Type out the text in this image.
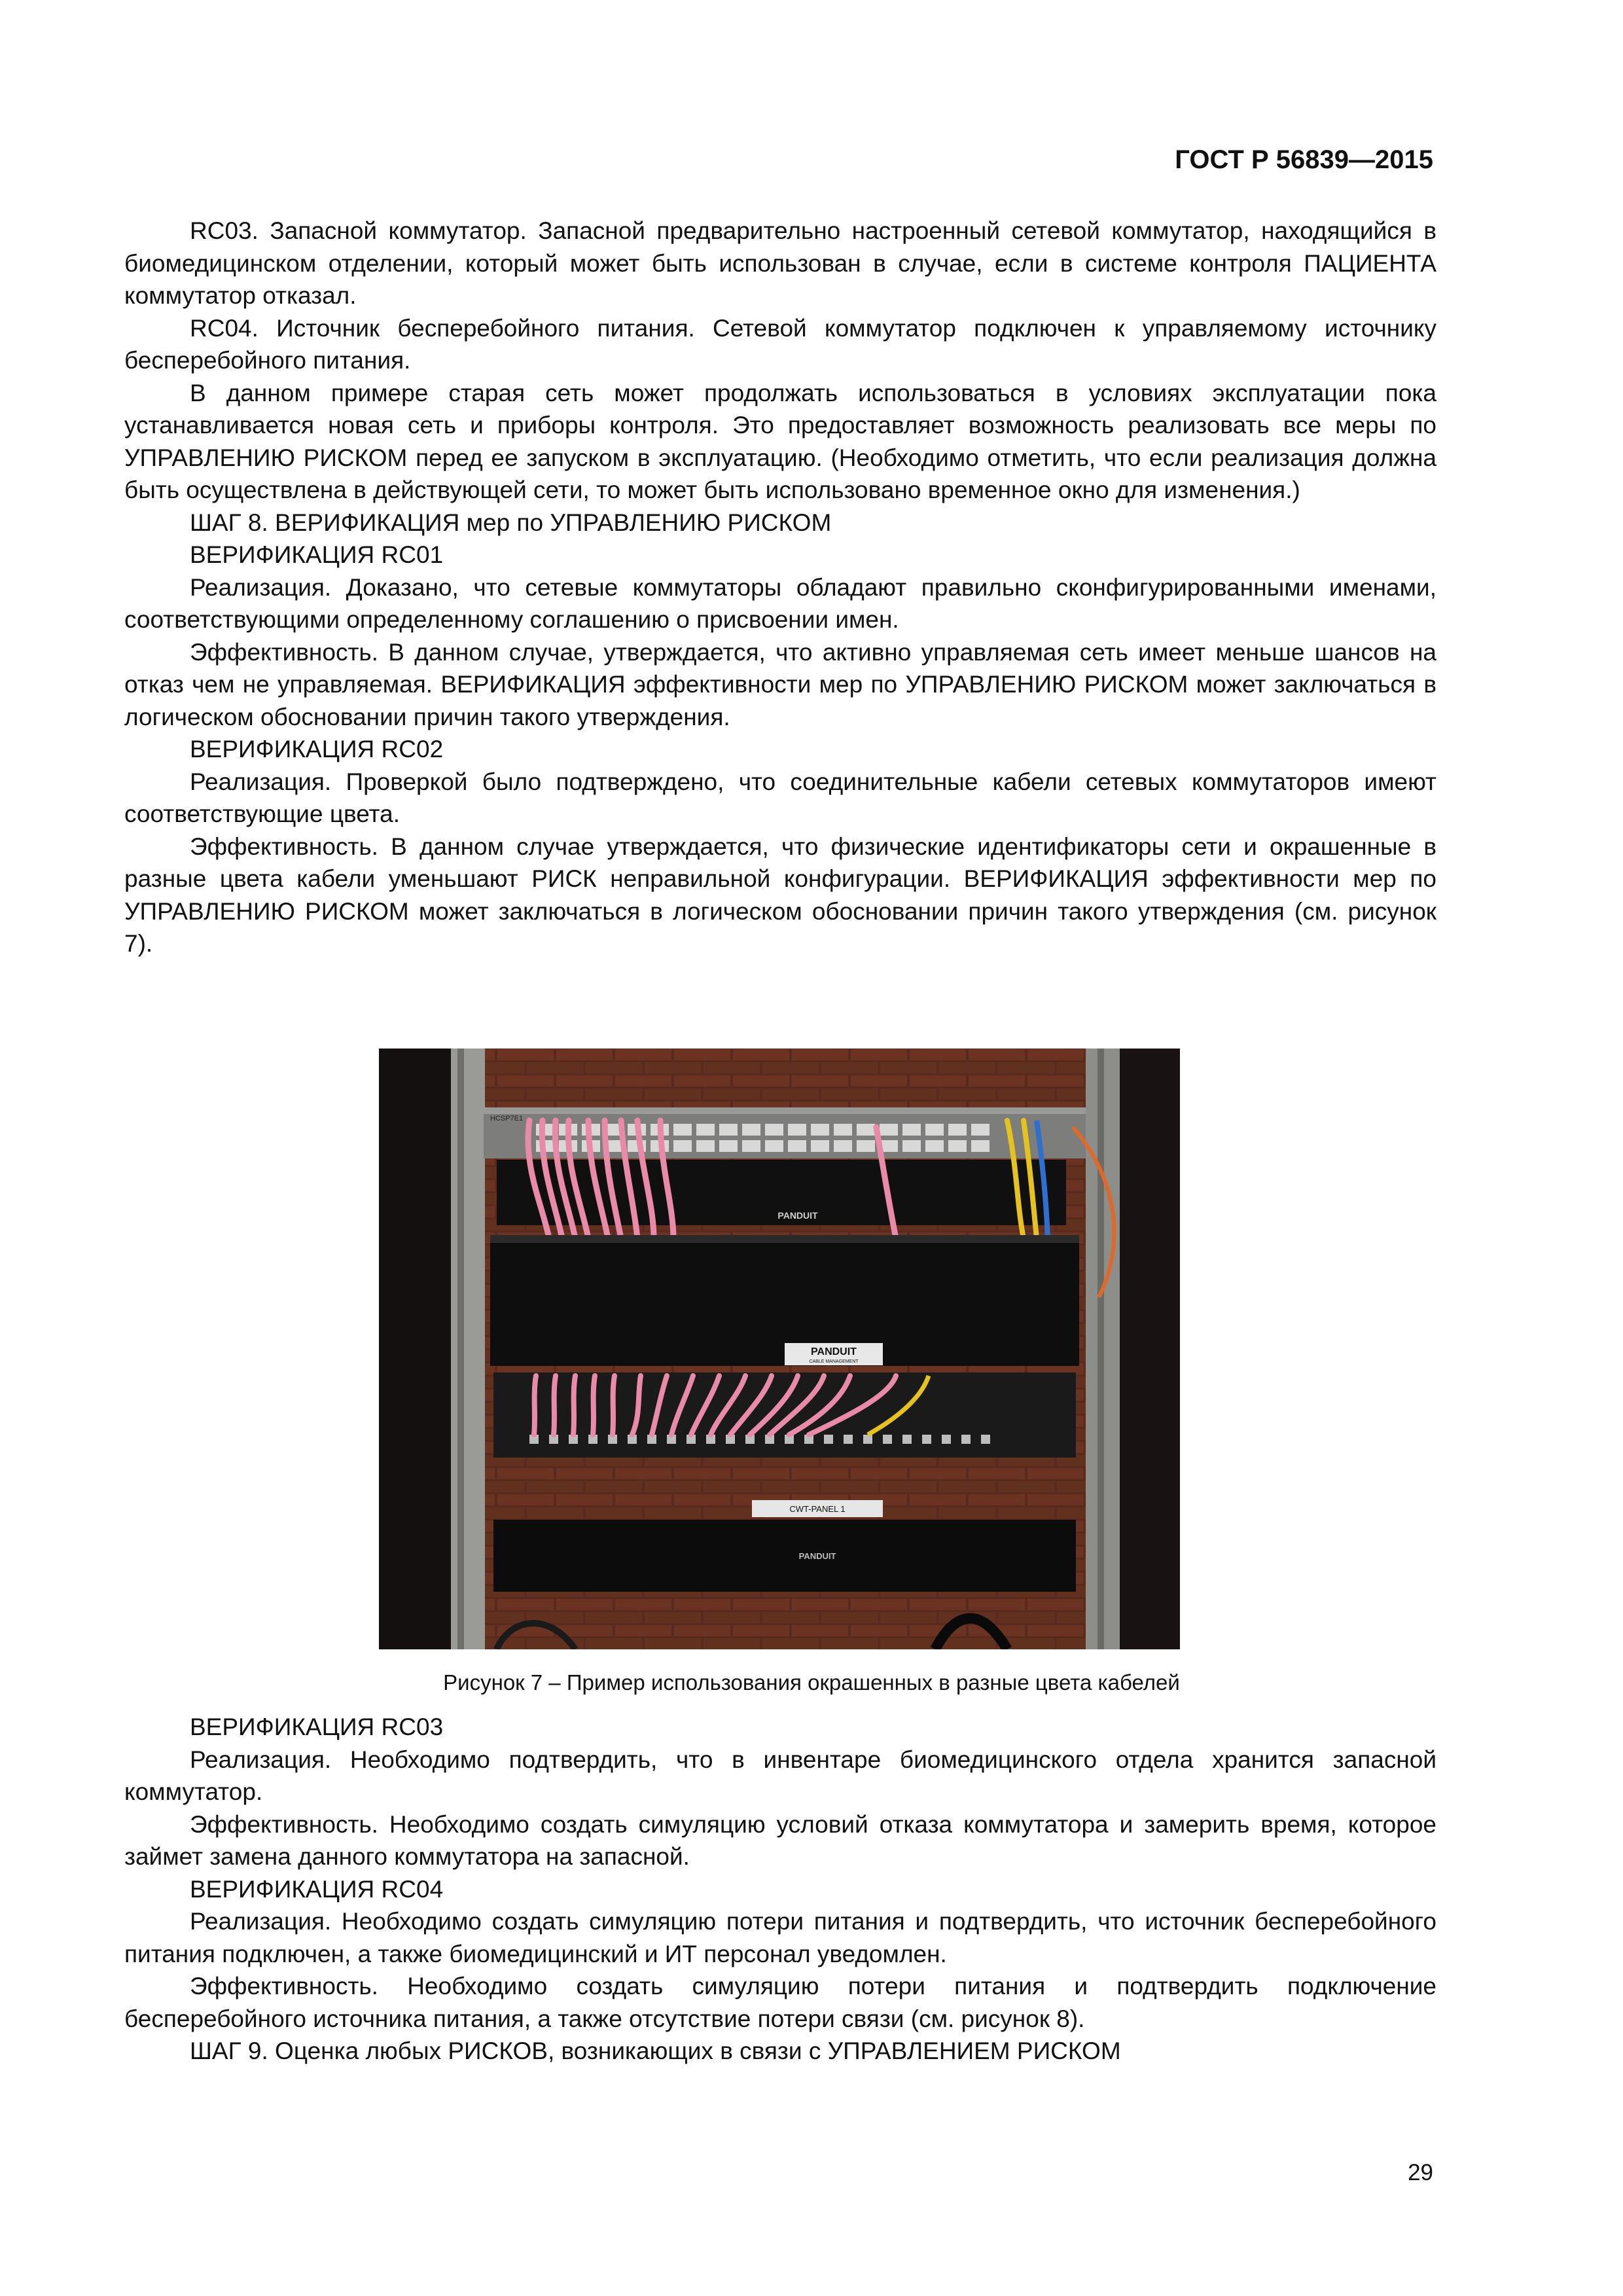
ГОСТ Р 56839—2015

RC03. Запасной коммутатор. Запасной предварительно настроенный сетевой коммутатор, находящийся в биомедицинском отделении, который может быть использован в случае, если в системе контроля ПАЦИЕНТА коммутатор отказал.

RC04. Источник бесперебойного питания. Сетевой коммутатор подключен к управляемому источнику бесперебойного питания.

В данном примере старая сеть может продолжать использоваться в условиях эксплуатации пока устанавливается новая сеть и приборы контроля. Это предоставляет возможность реализовать все меры по УПРАВЛЕНИЮ РИСКОМ перед ее запуском в эксплуатацию. (Необходимо отметить, что если реализация должна быть осуществлена в действующей сети, то может быть использовано временное окно для изменения.)

ШАГ 8. ВЕРИФИКАЦИЯ мер по УПРАВЛЕНИЮ РИСКОМ

ВЕРИФИКАЦИЯ RC01

Реализация. Доказано, что сетевые коммутаторы обладают правильно сконфигурированными именами, соответствующими определенному соглашению о присвоении имен.

Эффективность. В данном случае, утверждается, что активно управляемая сеть имеет меньше шансов на отказ чем не управляемая. ВЕРИФИКАЦИЯ эффективности мер по УПРАВЛЕНИЮ РИСКОМ может заключаться в логическом обосновании причин такого утверждения.

ВЕРИФИКАЦИЯ RC02

Реализация. Проверкой было подтверждено, что соединительные кабели сетевых коммутаторов имеют соответствующие цвета.

Эффективность. В данном случае утверждается, что физические идентификаторы сети и окрашенные в разные цвета кабели уменьшают РИСК неправильной конфигурации. ВЕРИФИКАЦИЯ эффективности мер по УПРАВЛЕНИЮ РИСКОМ может заключаться в логическом обосновании причин такого утверждения (см. рисунок 7).

HCSP7E1
PANDUIT
PANDUIT
CABLE MANAGEMENT
CWT-PANEL 1
PANDUIT
Рисунок 7 – Пример использования окрашенных в разные цвета кабелей

ВЕРИФИКАЦИЯ RC03

Реализация. Необходимо подтвердить, что в инвентаре биомедицинского отдела хранится запасной коммутатор.

Эффективность. Необходимо создать симуляцию условий отказа коммутатора и замерить время, которое займет замена данного коммутатора на запасной.

ВЕРИФИКАЦИЯ RC04

Реализация. Необходимо создать симуляцию потери питания и подтвердить, что источник бесперебойного питания подключен, а также биомедицинский и ИТ персонал уведомлен.

Эффективность. Необходимо создать симуляцию потери питания и подтвердить подключение бесперебойного источника питания, а также отсутствие потери связи (см. рисунок 8).

ШАГ 9. Оценка любых РИСКОВ, возникающих в связи с УПРАВЛЕНИЕМ РИСКОМ

29
